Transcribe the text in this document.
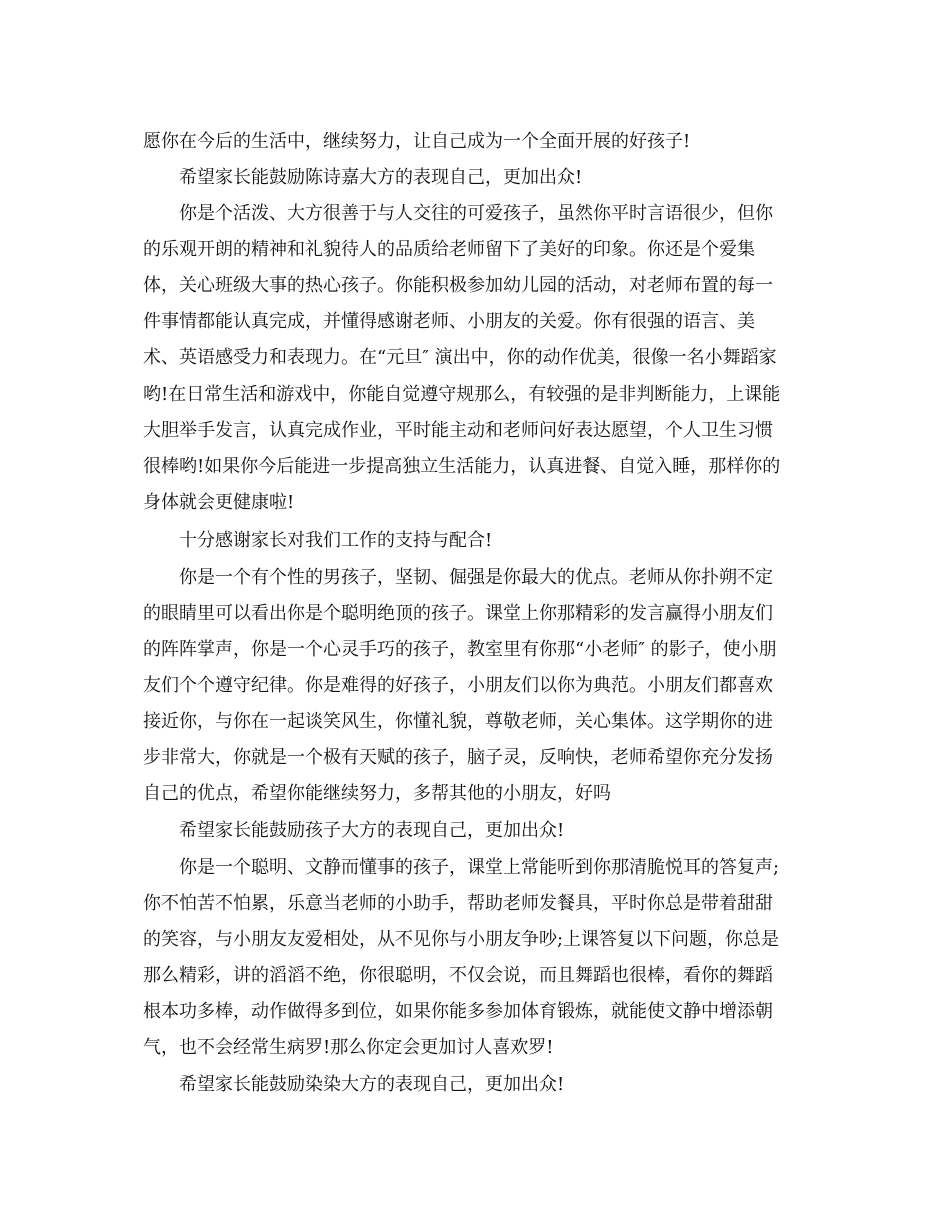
愿你在今后的生活中，继续努力，让自己成为一个全面开展的好孩子!

希望家长能鼓励陈诗嘉大方的表现自己，更加出众!

你是个活泼、大方很善于与人交往的可爱孩子，虽然你平时言语很少，但你

的乐观开朗的精神和礼貌待人的品质给老师留下了美好的印象。你还是个爱集

体，关心班级大事的热心孩子。你能积极参加幼儿园的活动，对老师布置的每一

件事情都能认真完成，并懂得感谢老师、小朋友的关爱。你有很强的语言、美

术、英语感受力和表现力。在“元旦″ 演出中，你的动作优美，很像一名小舞蹈家

哟!在日常生活和游戏中，你能自觉遵守规那么，有较强的是非判断能力，上课能

大胆举手发言，认真完成作业，平时能主动和老师问好表达愿望，个人卫生习惯

很棒哟!如果你今后能进一步提高独立生活能力，认真进餐、自觉入睡，那样你的

身体就会更健康啦!

十分感谢家长对我们工作的支持与配合!

你是一个有个性的男孩子，坚韧、倔强是你最大的优点。老师从你扑朔不定

的眼睛里可以看出你是个聪明绝顶的孩子。课堂上你那精彩的发言赢得小朋友们

的阵阵掌声，你是一个心灵手巧的孩子，教室里有你那“小老师″ 的影子，使小朋

友们个个遵守纪律。你是难得的好孩子，小朋友们以你为典范。小朋友们都喜欢

接近你，与你在一起谈笑风生，你懂礼貌，尊敬老师，关心集体。这学期你的进

步非常大，你就是一个极有天赋的孩子，脑子灵，反响快，老师希望你充分发扬

自己的优点，希望你能继续努力，多帮其他的小朋友，好吗

希望家长能鼓励孩子大方的表现自己，更加出众!

你是一个聪明、文静而懂事的孩子，课堂上常能听到你那清脆悦耳的答复声;

你不怕苦不怕累，乐意当老师的小助手，帮助老师发餐具，平时你总是带着甜甜

的笑容，与小朋友友爱相处，从不见你与小朋友争吵;上课答复以下问题，你总是

那么精彩，讲的滔滔不绝，你很聪明，不仅会说，而且舞蹈也很棒，看你的舞蹈

根本功多棒，动作做得多到位，如果你能多参加体育锻炼，就能使文静中增添朝

气，也不会经常生病罗!那么你定会更加讨人喜欢罗!

希望家长能鼓励染染大方的表现自己，更加出众!
